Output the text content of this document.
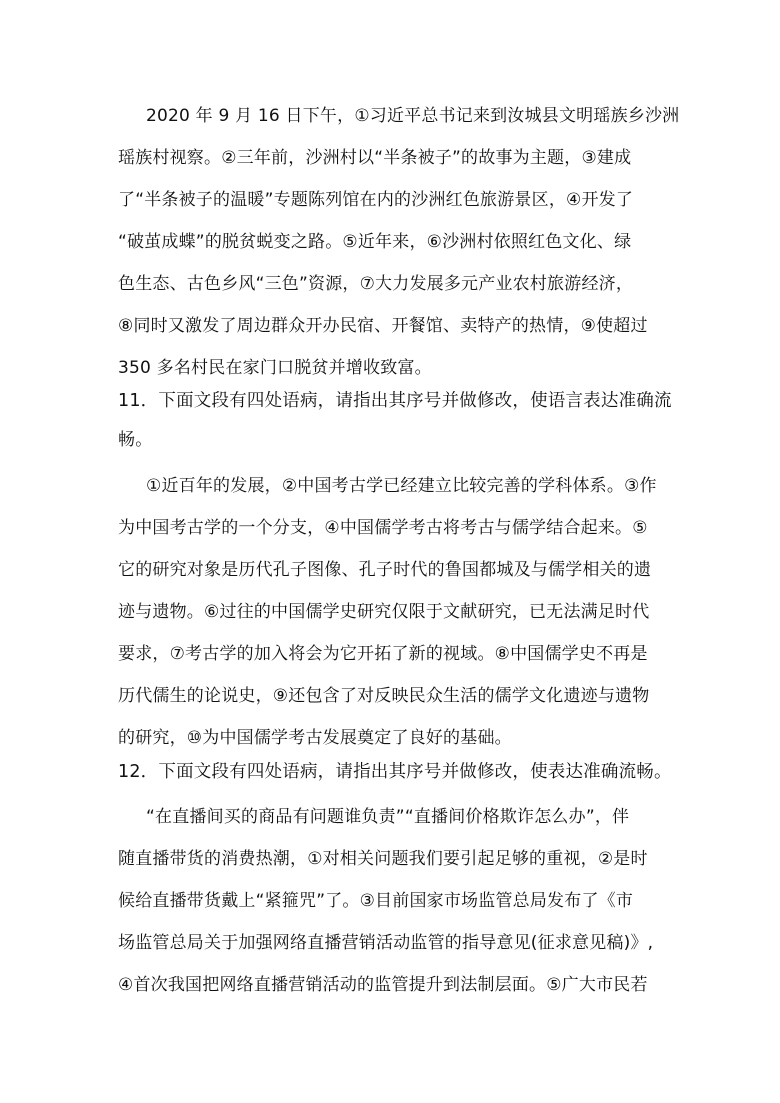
2020 年 9 月 16 日下午，①习近平总书记来到汝城县文明瑶族乡沙洲
瑶族村视察。②三年前，沙洲村以“半条被子”的故事为主题，③建成
了“半条被子的温暖”专题陈列馆在内的沙洲红色旅游景区，④开发了
“破茧成蝶”的脱贫蜕变之路。⑤近年来，⑥沙洲村依照红色文化、绿
色生态、古色乡风“三色”资源，⑦大力发展多元产业农村旅游经济，
⑧同时又激发了周边群众开办民宿、开餐馆、卖特产的热情，⑨使超过
350 多名村民在家门口脱贫并增收致富。
11．下面文段有四处语病，请指出其序号并做修改，使语言表达准确流
畅。
①近百年的发展，②中国考古学已经建立比较完善的学科体系。③作
为中国考古学的一个分支，④中国儒学考古将考古与儒学结合起来。⑤
它的研究对象是历代孔子图像、孔子时代的鲁国都城及与儒学相关的遗
迹与遗物。⑥过往的中国儒学史研究仅限于文献研究，已无法满足时代
要求，⑦考古学的加入将会为它开拓了新的视域。⑧中国儒学史不再是
历代儒生的论说史，⑨还包含了对反映民众生活的儒学文化遗迹与遗物
的研究，⑩为中国儒学考古发展奠定了良好的基础。
12．下面文段有四处语病，请指出其序号并做修改，使表达准确流畅。
“在直播间买的商品有问题谁负责”“直播间价格欺诈怎么办”，伴
随直播带货的消费热潮，①对相关问题我们要引起足够的重视，②是时
候给直播带货戴上“紧箍咒”了。③目前国家市场监管总局发布了《市
场监管总局关于加强网络直播营销活动监管的指导意见(征求意见稿)》,
④首次我国把网络直播营销活动的监管提升到法制层面。⑤广大市民若
